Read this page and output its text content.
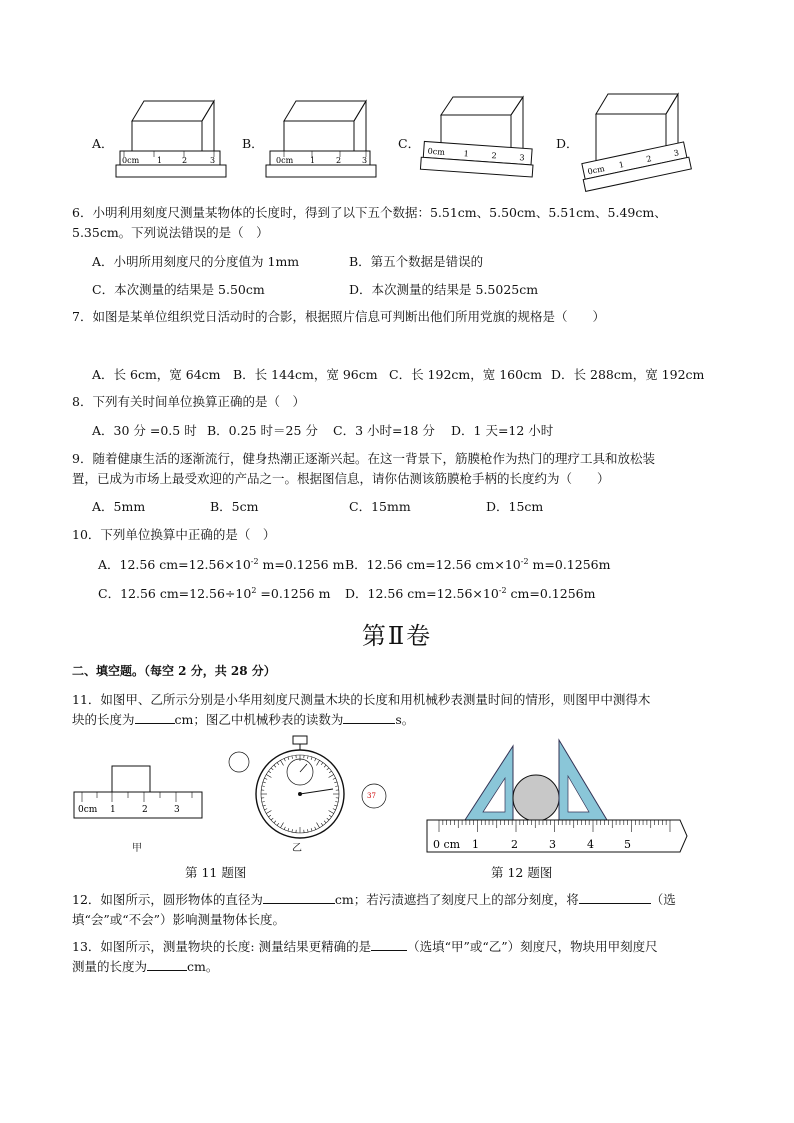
A．
0cm 1 2	3
B．
0cm 1	2	3
C．
0cm 1	2	3
D．
0cm 1
2
3
6．小明利用刻度尺测量某物体的长度时，得到了以下五个数据：5.51cm、5.50cm、5.51cm、5.49cm、
5.35cm。下列说法错误的是（　）
A．小明所用刻度尺的分度值为 1mm	B．第五个数据是错误的
C．本次测量的结果是 5.50cm	D．本次测量的结果是 5.5025cm
7．如图是某单位组织党日活动时的合影，根据照片信息可判断出他们所用党旗的规格是（　　）
A．长 6cm，宽 64cm B．长 144cm，宽 96cm C．长 192cm，宽 160cm D．长 288cm，宽 192cm
8．下列有关时间单位换算正确的是（　）
A．30 分 =0.5 时 B．0.25 时＝25 分 C．3 小时=18 分 D．1 天=12 小时
9．随着健康生活的逐渐流行，健身热潮正逐渐兴起。在这一背景下，筋膜枪作为热门的理疗工具和放松装
置，已成为市场上最受欢迎的产品之一。根据图信息，请你估测该筋膜枪手柄的长度约为（　　）
A．5mm	B．5cm	C．15mm	D．15cm
10．下列单位换算中正确的是（　）
A．12.56 $cm=12.56\times 10^{-2}$ m=0.1256 m B．12.56 cm=12.56 $cm\times 10^{-2}$ m=0.1256m
C．12.56 $cm=12.56\div 10^2 =0.1256$ m D．12.56 $cm=12.56\times 10^{-2}$ cm=0.1256m
第Ⅱ卷
二、填空题。（每空 2 分，共 28 分）
11．如图甲、乙所示分别是小华用刻度尺测量木块的长度和用机械秒表测量时间的情形，则图甲中测得木
块的长度为	cm；图乙中机械秒表的读数为	s。
0cm 1	2	3
甲
37
乙
第 11 题图
0 cm 1	2	3	4	5
第 12 题图
12．如图所示，圆形物体的直径为	cm；若污渍遮挡了刻度尺上的部分刻度，将	（选
填“会”或“不会”）影响测量物体长度。
13．如图所示，测量物块的长度: 测量结果更精确的是	（选填“甲”或“乙”）刻度尺，物块用甲刻度尺
测量的长度为	cm。
